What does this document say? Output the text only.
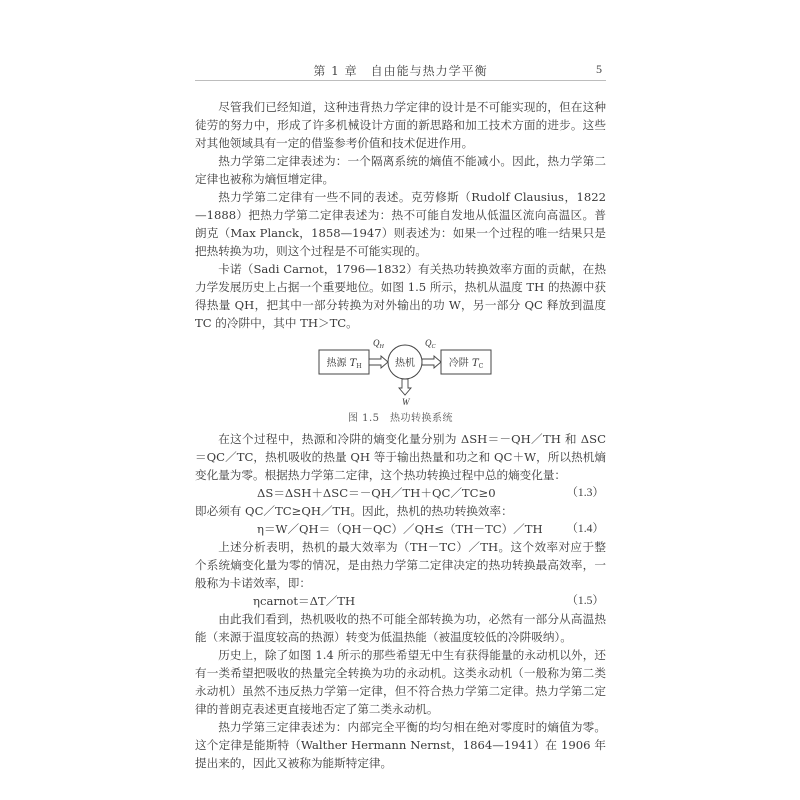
第 1 章　自由能与热力学平衡	5

尽管我们已经知道，这种违背热力学定律的设计是不可能实现的，但在这种徒劳的努力中，形成了许多机械设计方面的新思路和加工技术方面的进步。这些对其他领域具有一定的借鉴参考价值和技术促进作用。

热力学第二定律表述为：一个隔离系统的熵值不能减小。因此，热力学第二定律也被称为熵恒增定律。

热力学第二定律有一些不同的表述。克劳修斯（Rudolf Clausius，1822—1888）把热力学第二定律表述为：热不可能自发地从低温区流向高温区。普朗克（Max Planck，1858—1947）则表述为：如果一个过程的唯一结果只是把热转换为功，则这个过程是不可能实现的。

卡诺（Sadi Carnot，1796—1832）有关热功转换效率方面的贡献，在热力学发展历史上占据一个重要地位。如图 1.5 所示，热机从温度 TH 的热源中获得热量 QH，把其中一部分转换为对外输出的功 W，另一部分 QC 释放到温度 TC 的冷阱中，其中 TH＞TC。

热源 $T_H$
$Q_H$
热机
$Q_C$
冷阱 $T_C$
W
图 1.5　热功转换系统

在这个过程中，热源和冷阱的熵变化量分别为 ΔSH＝－QH／TH 和 ΔSC＝QC／TC，热机吸收的热量 QH 等于输出热量和功之和 QC＋W，所以热机熵变化量为零。根据热力学第二定律，这个热功转换过程中总的熵变化量：

ΔS＝ΔSH＋ΔSC＝－QH／TH＋QC／TC≥0	（1.3）

即必须有 QC／TC≥QH／TH。因此，热机的热功转换效率：

η＝W／QH＝（QH－QC）／QH≤（TH－TC）／TH （1.4）

上述分析表明，热机的最大效率为（TH－TC）／TH。这个效率对应于整个系统熵变化量为零的情况，是由热力学第二定律决定的热功转换最高效率，一般称为卡诺效率，即：

ηcarnot＝ΔT／TH	（1.5）

由此我们看到，热机吸收的热不可能全部转换为功，必然有一部分从高温热能（来源于温度较高的热源）转变为低温热能（被温度较低的冷阱吸纳）。

历史上，除了如图 1.4 所示的那些希望无中生有获得能量的永动机以外，还有一类希望把吸收的热量完全转换为功的永动机。这类永动机（一般称为第二类永动机）虽然不违反热力学第一定律，但不符合热力学第二定律。热力学第二定律的普朗克表述更直接地否定了第二类永动机。

热力学第三定律表述为：内部完全平衡的均匀相在绝对零度时的熵值为零。这个定律是能斯特（Walther Hermann Nernst，1864—1941）在 1906 年提出来的，因此又被称为能斯特定律。
